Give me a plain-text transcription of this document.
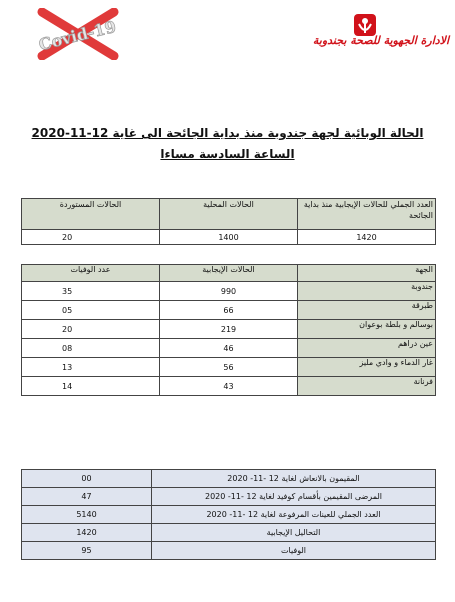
Covid-19	الادارة الجهوية للصحة بجندوبة
الحالة الوبائية لجهة جندوبة منذ بداية الجائحة الى غاية 12-11-2020
الساعة السادسة مساءا
الحالات المستوردة	الحالات المحلية	العدد الجملي للحالات الإيجابية منذ بداية الجائحة
20	1400	1420
عدد الوفيات	الحالات الإيجابية	الجهة
35	990	جندوبة
05	66	طبرقة
20	219	بوسالم و بلطة بوعوان
08	46	عين دراهم
13	56	غار الدماء و وادي مليز
14	43	فرنانة
00	المقيمون بالانعاش لغاية 12 -11- 2020
47	المرضى المقيمين بأقسام كوفيد لغاية 12 -11- 2020
5140	العدد الجملي للعينات المرفوعة لغاية 12 -11- 2020
1420	التحاليل الإيجابية
95	الوفيات
